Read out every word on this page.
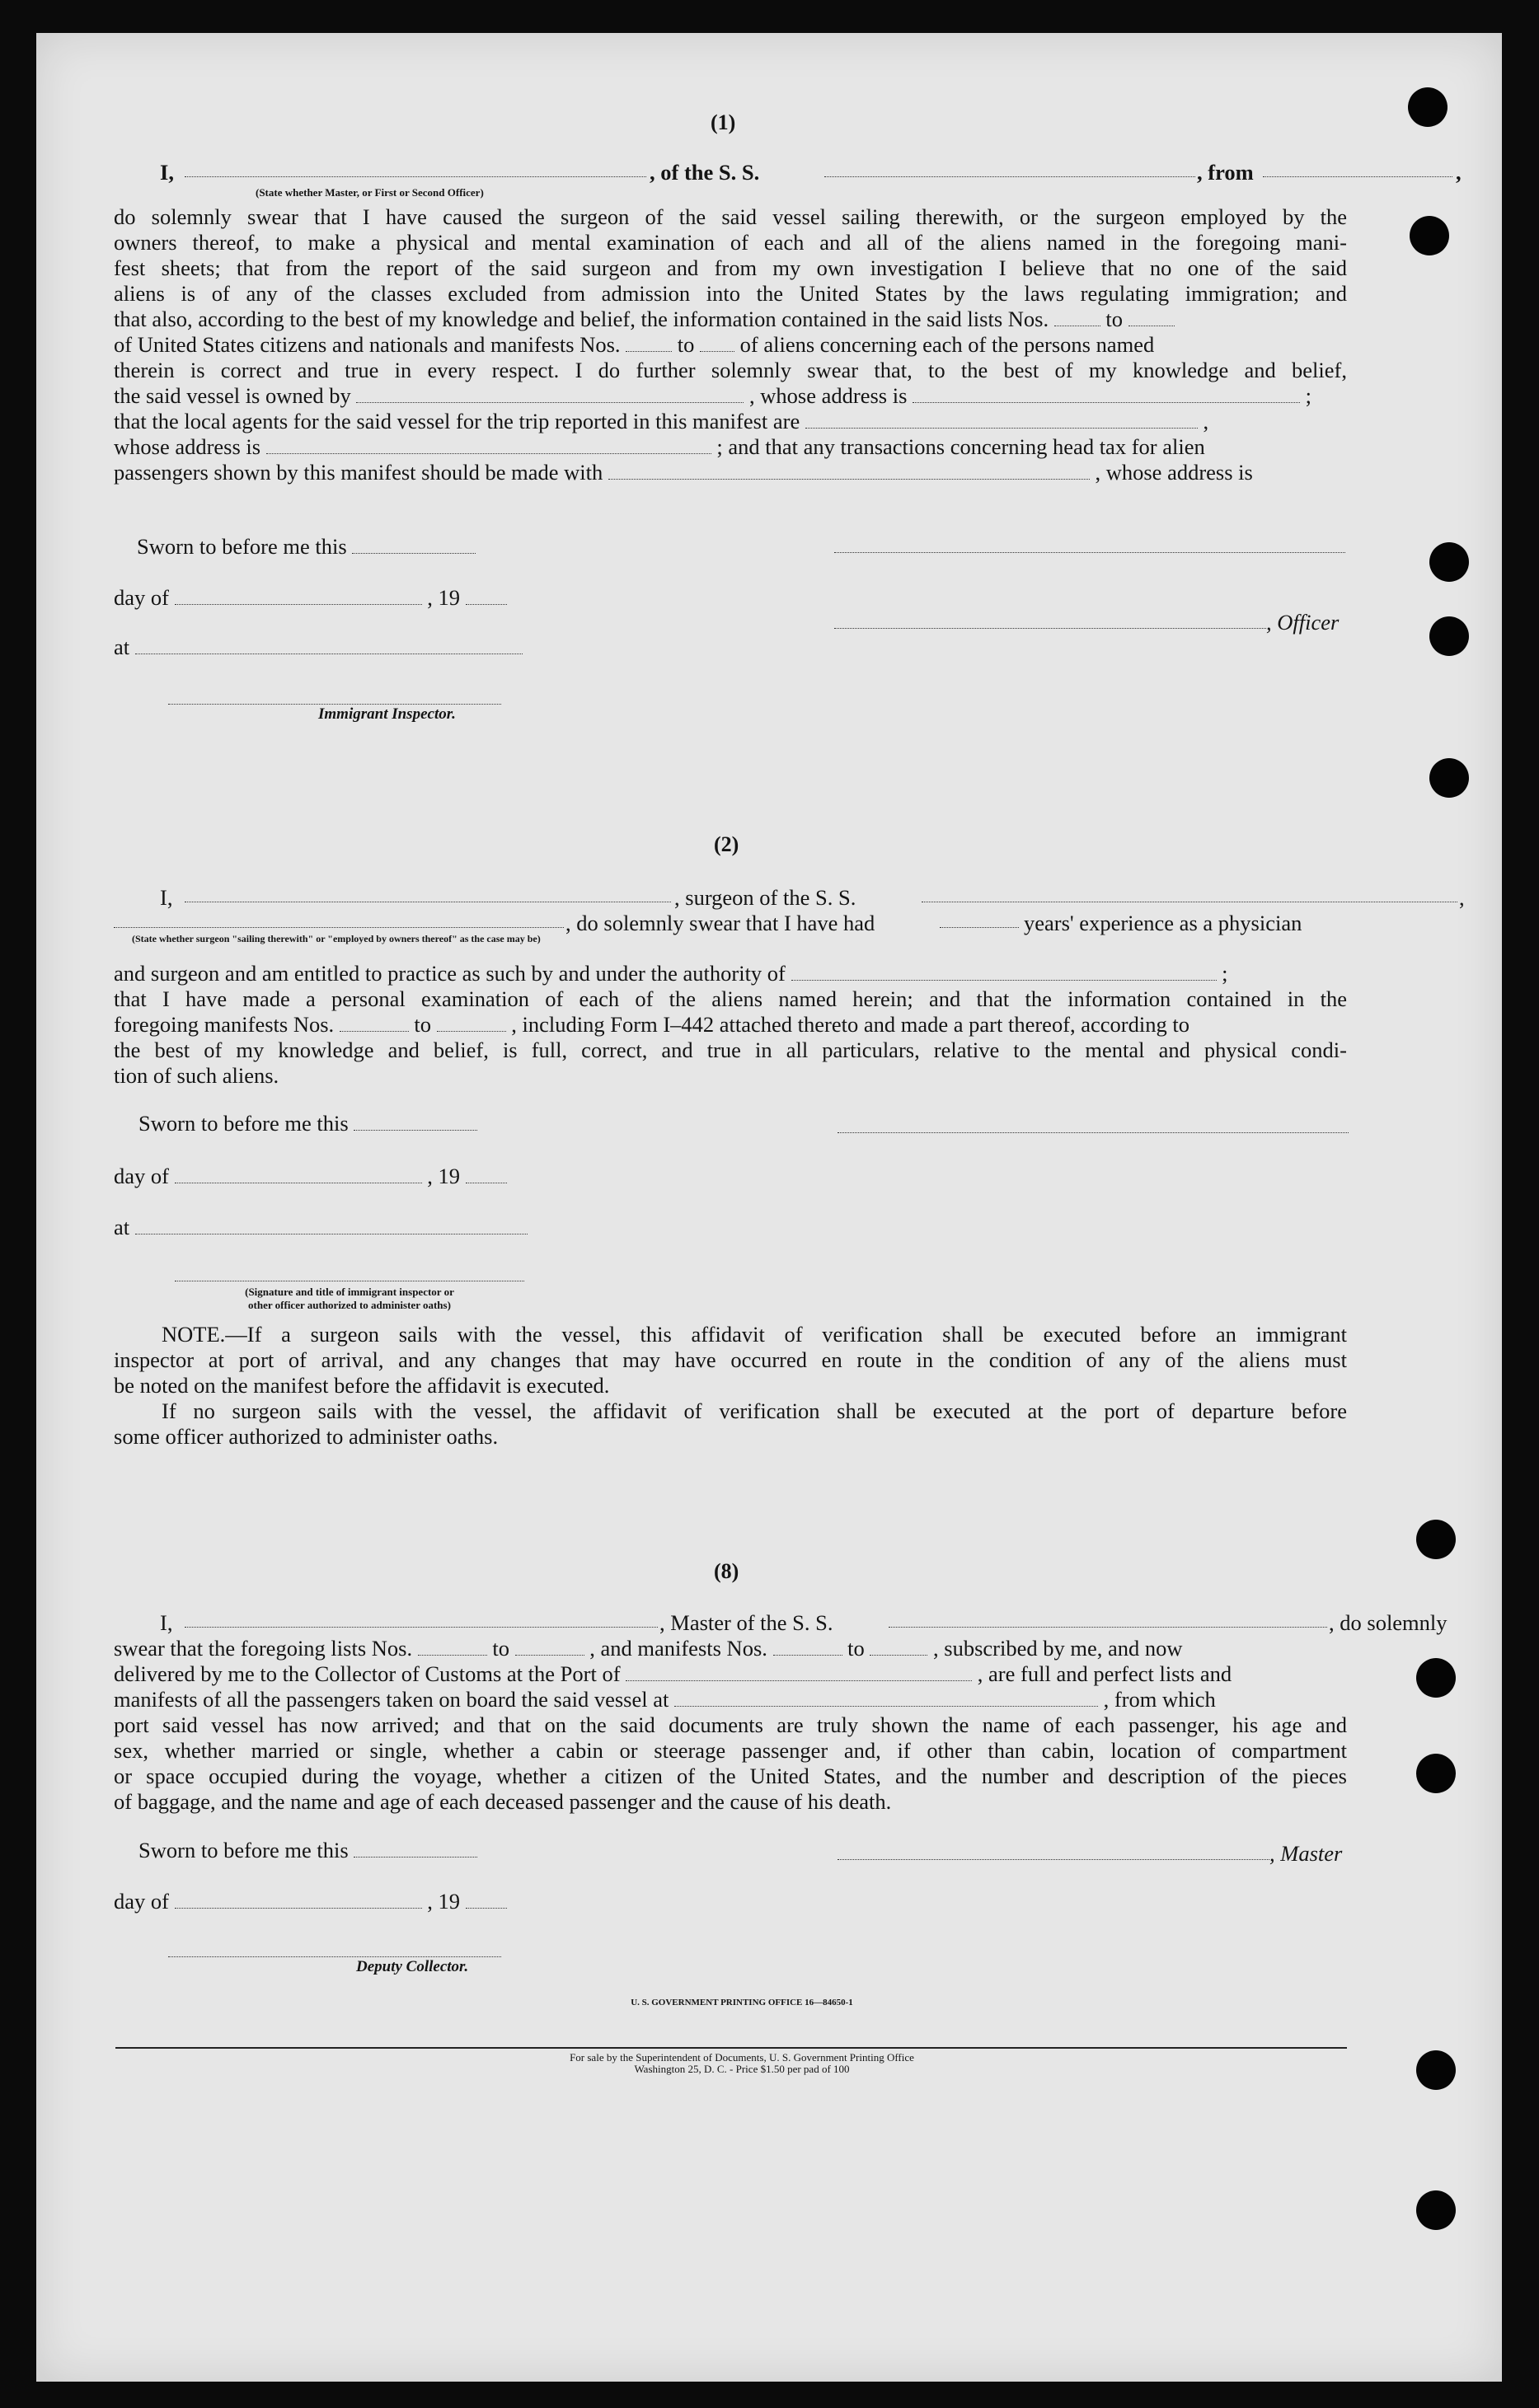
(1)
I,	, of the S. S.	, from	,
(State whether Master, or First or Second Officer)
do solemnly swear that I have caused the surgeon of the said vessel sailing therewith, or the surgeon employed by the
owners thereof, to make a physical and mental examination of each and all of the aliens named in the foregoing mani-
fest sheets; that from the report of the said surgeon and from my own investigation I believe that no one of the said
aliens is of any of the classes excluded from admission into the United States by the laws regulating immigration; and
that also, according to the best of my knowledge and belief, the information contained in the said lists Nos.	to
of United States citizens and nationals and manifests Nos.	to of aliens concerning each of the persons named
therein is correct and true in every respect. I do further solemnly swear that, to the best of my knowledge and belief,
the said vessel is owned by	, whose address is	;
that the local agents for the said vessel for the trip reported in this manifest are	,
whose address is	; and that any transactions concerning head tax for alien
passengers shown by this manifest should be made with	, whose address is
Sworn to before me this
day of	, 19
, Officer
at
Immigrant Inspector.
(2)
I,	, surgeon of the S. S.	,
, do solemnly swear that I have had	years' experience as a physician
(State whether surgeon "sailing therewith" or "employed by owners thereof" as the case may be)
and surgeon and am entitled to practice as such by and under the authority of	;
that I have made a personal examination of each of the aliens named herein; and that the information contained in the
foregoing manifests Nos.	to	, including Form I–442 attached thereto and made a part thereof, according to
the best of my knowledge and belief, is full, correct, and true in all particulars, relative to the mental and physical condi-
tion of such aliens.
Sworn to before me this
day of	, 19
at
(Signature and title of immigrant inspector or
other officer authorized to administer oaths)
NOTE.—If a surgeon sails with the vessel, this affidavit of verification shall be executed before an immigrant
inspector at port of arrival, and any changes that may have occurred en route in the condition of any of the aliens must
be noted on the manifest before the affidavit is executed.
If no surgeon sails with the vessel, the affidavit of verification shall be executed at the port of departure before
some officer authorized to administer oaths.
(8)
I,	, Master of the S. S.	, do solemnly
swear that the foregoing lists Nos.	to	, and manifests Nos.	to	, subscribed by me, and now
delivered by me to the Collector of Customs at the Port of	, are full and perfect lists and
manifests of all the passengers taken on board the said vessel at	, from which
port said vessel has now arrived; and that on the said documents are truly shown the name of each passenger, his age and
sex, whether married or single, whether a cabin or steerage passenger and, if other than cabin, location of compartment
or space occupied during the voyage, whether a citizen of the United States, and the number and description of the pieces
of baggage, and the name and age of each deceased passenger and the cause of his death.
Sworn to before me this	, Master
day of	, 19
Deputy Collector.
U. S. GOVERNMENT PRINTING OFFICE 16—84650-1
For sale by the Superintendent of Documents, U. S. Government Printing Office
Washington 25, D. C. - Price $1.50 per pad of 100
